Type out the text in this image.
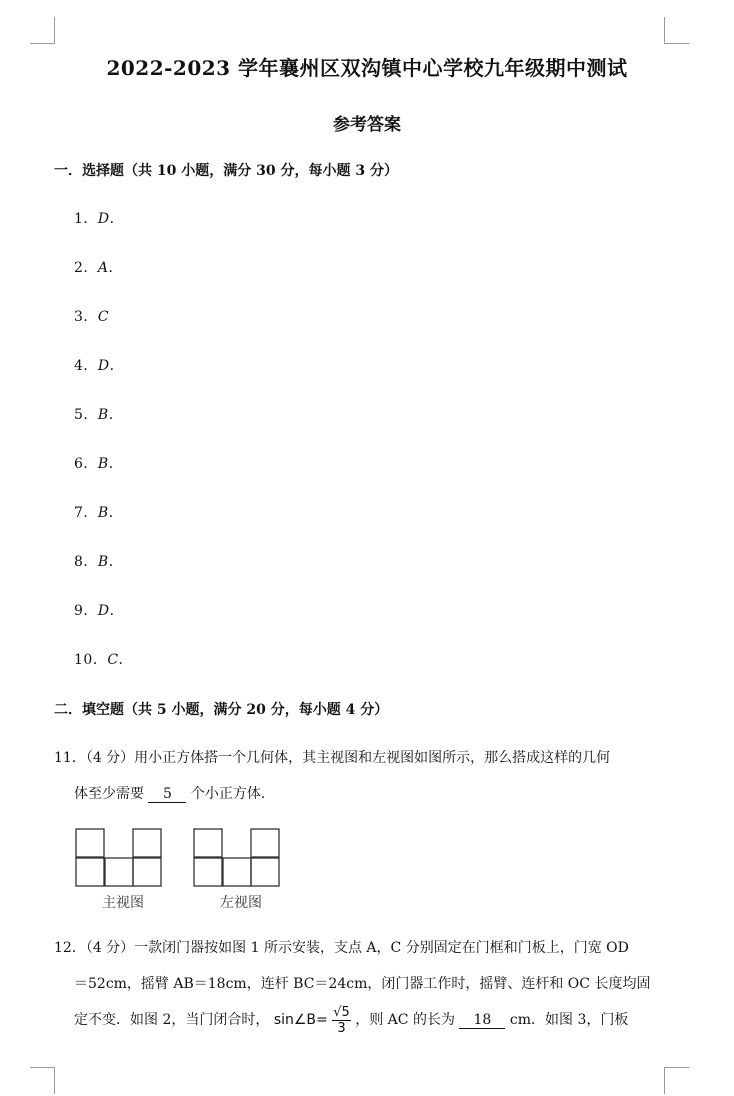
2022-2023 学年襄州区双沟镇中心学校九年级期中测试
参考答案
一．选择题（共 10 小题，满分 30 分，每小题 3 分）
1．D．
2．A．
3．C
4．D．
5．B．
6．B．
7．B．
8．B．
9．D．
10．C．
二．填空题（共 5 小题，满分 20 分，每小题 4 分）
11．（4 分）用小正方体搭一个几何体，其主视图和左视图如图所示，那么搭成这样的几何
体至少需要 5 个小正方体．
主视图	左视图
12．（4 分）一款闭门器按如图 1 所示安装，支点 A，C 分别固定在门框和门板上，门宽 OD
＝52cm，摇臂 AB＝18cm，连杆 BC＝24cm，闭门器工作时，摇臂、连杆和 OC 长度均固
定不变．如图 2，当门闭合时， sin∠B= $\frac{√5}{3}$ ，则 AC 的长为 18 cm．如图 3，门板
